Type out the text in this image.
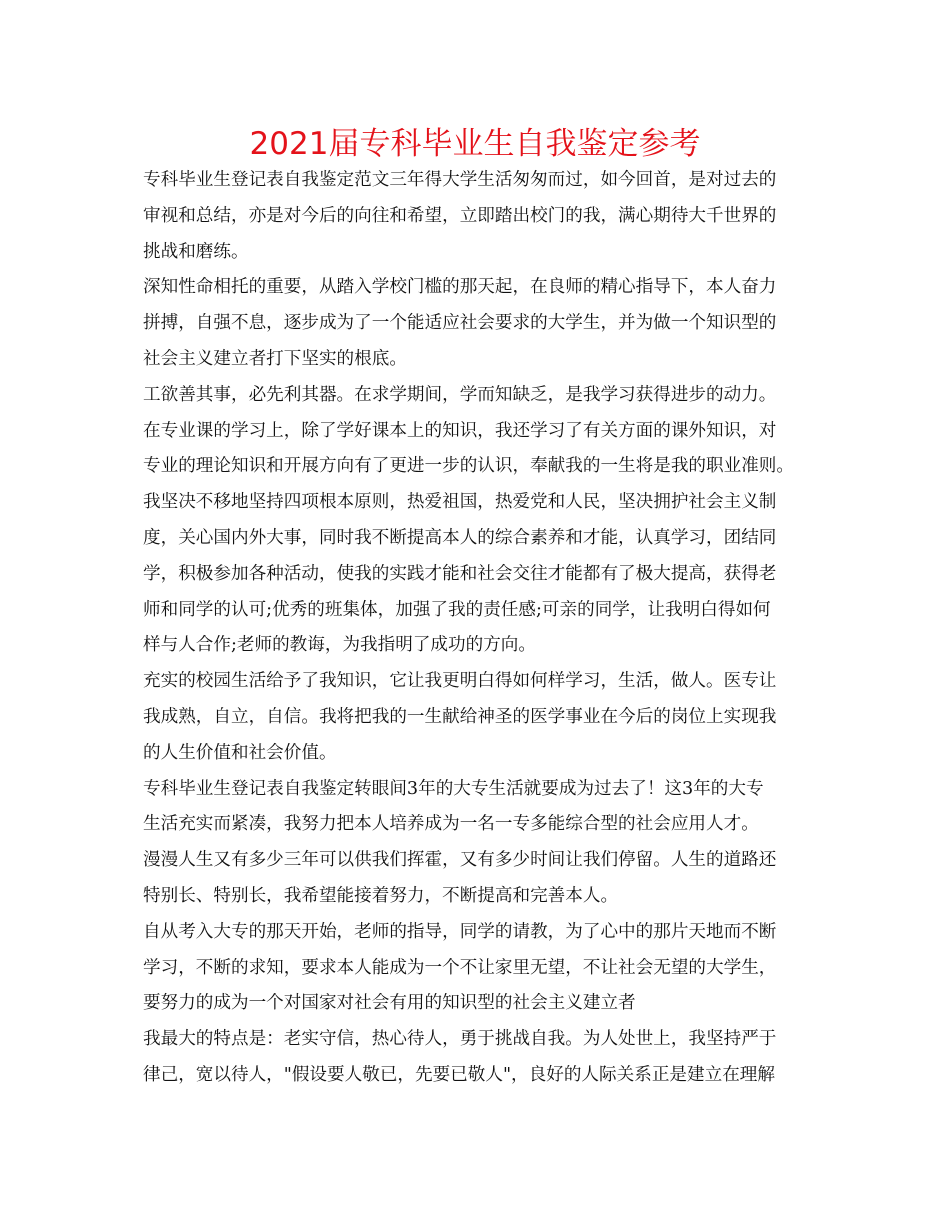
2021届专科毕业生自我鉴定参考
专科毕业生登记表自我鉴定范文三年得大学生活匆匆而过，如今回首，是对过去的
审视和总结，亦是对今后的向往和希望，立即踏出校门的我，满心期待大千世界的
挑战和磨练。
深知性命相托的重要，从踏入学校门槛的那天起，在良师的精心指导下，本人奋力
拼搏，自强不息，逐步成为了一个能适应社会要求的大学生，并为做一个知识型的
社会主义建立者打下坚实的根底。
工欲善其事，必先利其器。在求学期间，学而知缺乏，是我学习获得进步的动力。
在专业课的学习上，除了学好课本上的知识，我还学习了有关方面的课外知识，对
专业的理论知识和开展方向有了更进一步的认识，奉献我的一生将是我的职业准则。
我坚决不移地坚持四项根本原则，热爱祖国，热爱党和人民，坚决拥护社会主义制
度，关心国内外大事，同时我不断提高本人的综合素养和才能，认真学习，团结同
学，积极参加各种活动，使我的实践才能和社会交往才能都有了极大提高，获得老
师和同学的认可;优秀的班集体，加强了我的责任感;可亲的同学，让我明白得如何
样与人合作;老师的教诲，为我指明了成功的方向。
充实的校园生活给予了我知识，它让我更明白得如何样学习，生活，做人。医专让
我成熟，自立，自信。我将把我的一生献给神圣的医学事业在今后的岗位上实现我
的人生价值和社会价值。
专科毕业生登记表自我鉴定转眼间3年的大专生活就要成为过去了！这3年的大专
生活充实而紧凑，我努力把本人培养成为一名一专多能综合型的社会应用人才。
漫漫人生又有多少三年可以供我们挥霍，又有多少时间让我们停留。人生的道路还
特别长、特别长，我希望能接着努力，不断提高和完善本人。
自从考入大专的那天开始，老师的指导，同学的请教，为了心中的那片天地而不断
学习，不断的求知，要求本人能成为一个不让家里无望，不让社会无望的大学生，
要努力的成为一个对国家对社会有用的知识型的社会主义建立者
我最大的特点是：老实守信，热心待人，勇于挑战自我。为人处世上，我坚持严于
律己，宽以待人，"假设要人敬已，先要已敬人"，良好的人际关系正是建立在理解
